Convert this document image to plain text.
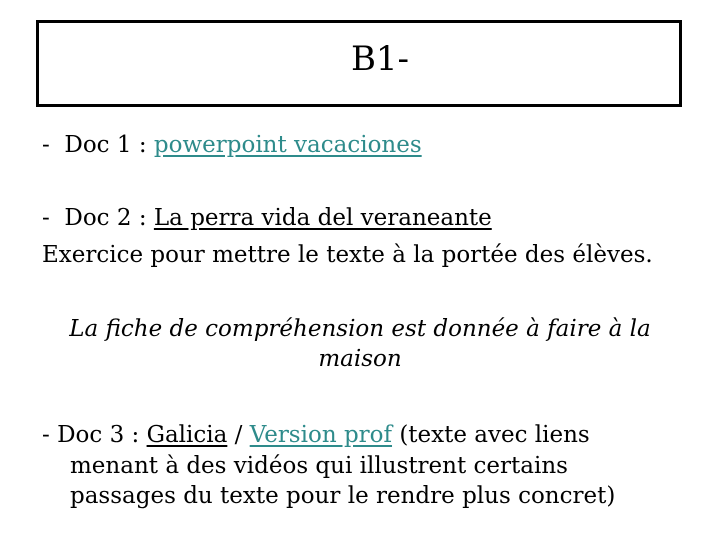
B1-
-  Doc 1 : powerpoint vacaciones
-  Doc 2 : La perra vida del veraneante
Exercice pour mettre le texte à la portée des élèves.
La fiche de compréhension est donnée à faire à la
maison
- Doc 3 : Galicia / Version prof (texte avec liens
menant à des vidéos qui illustrent certains
passages du texte pour le rendre plus concret)
